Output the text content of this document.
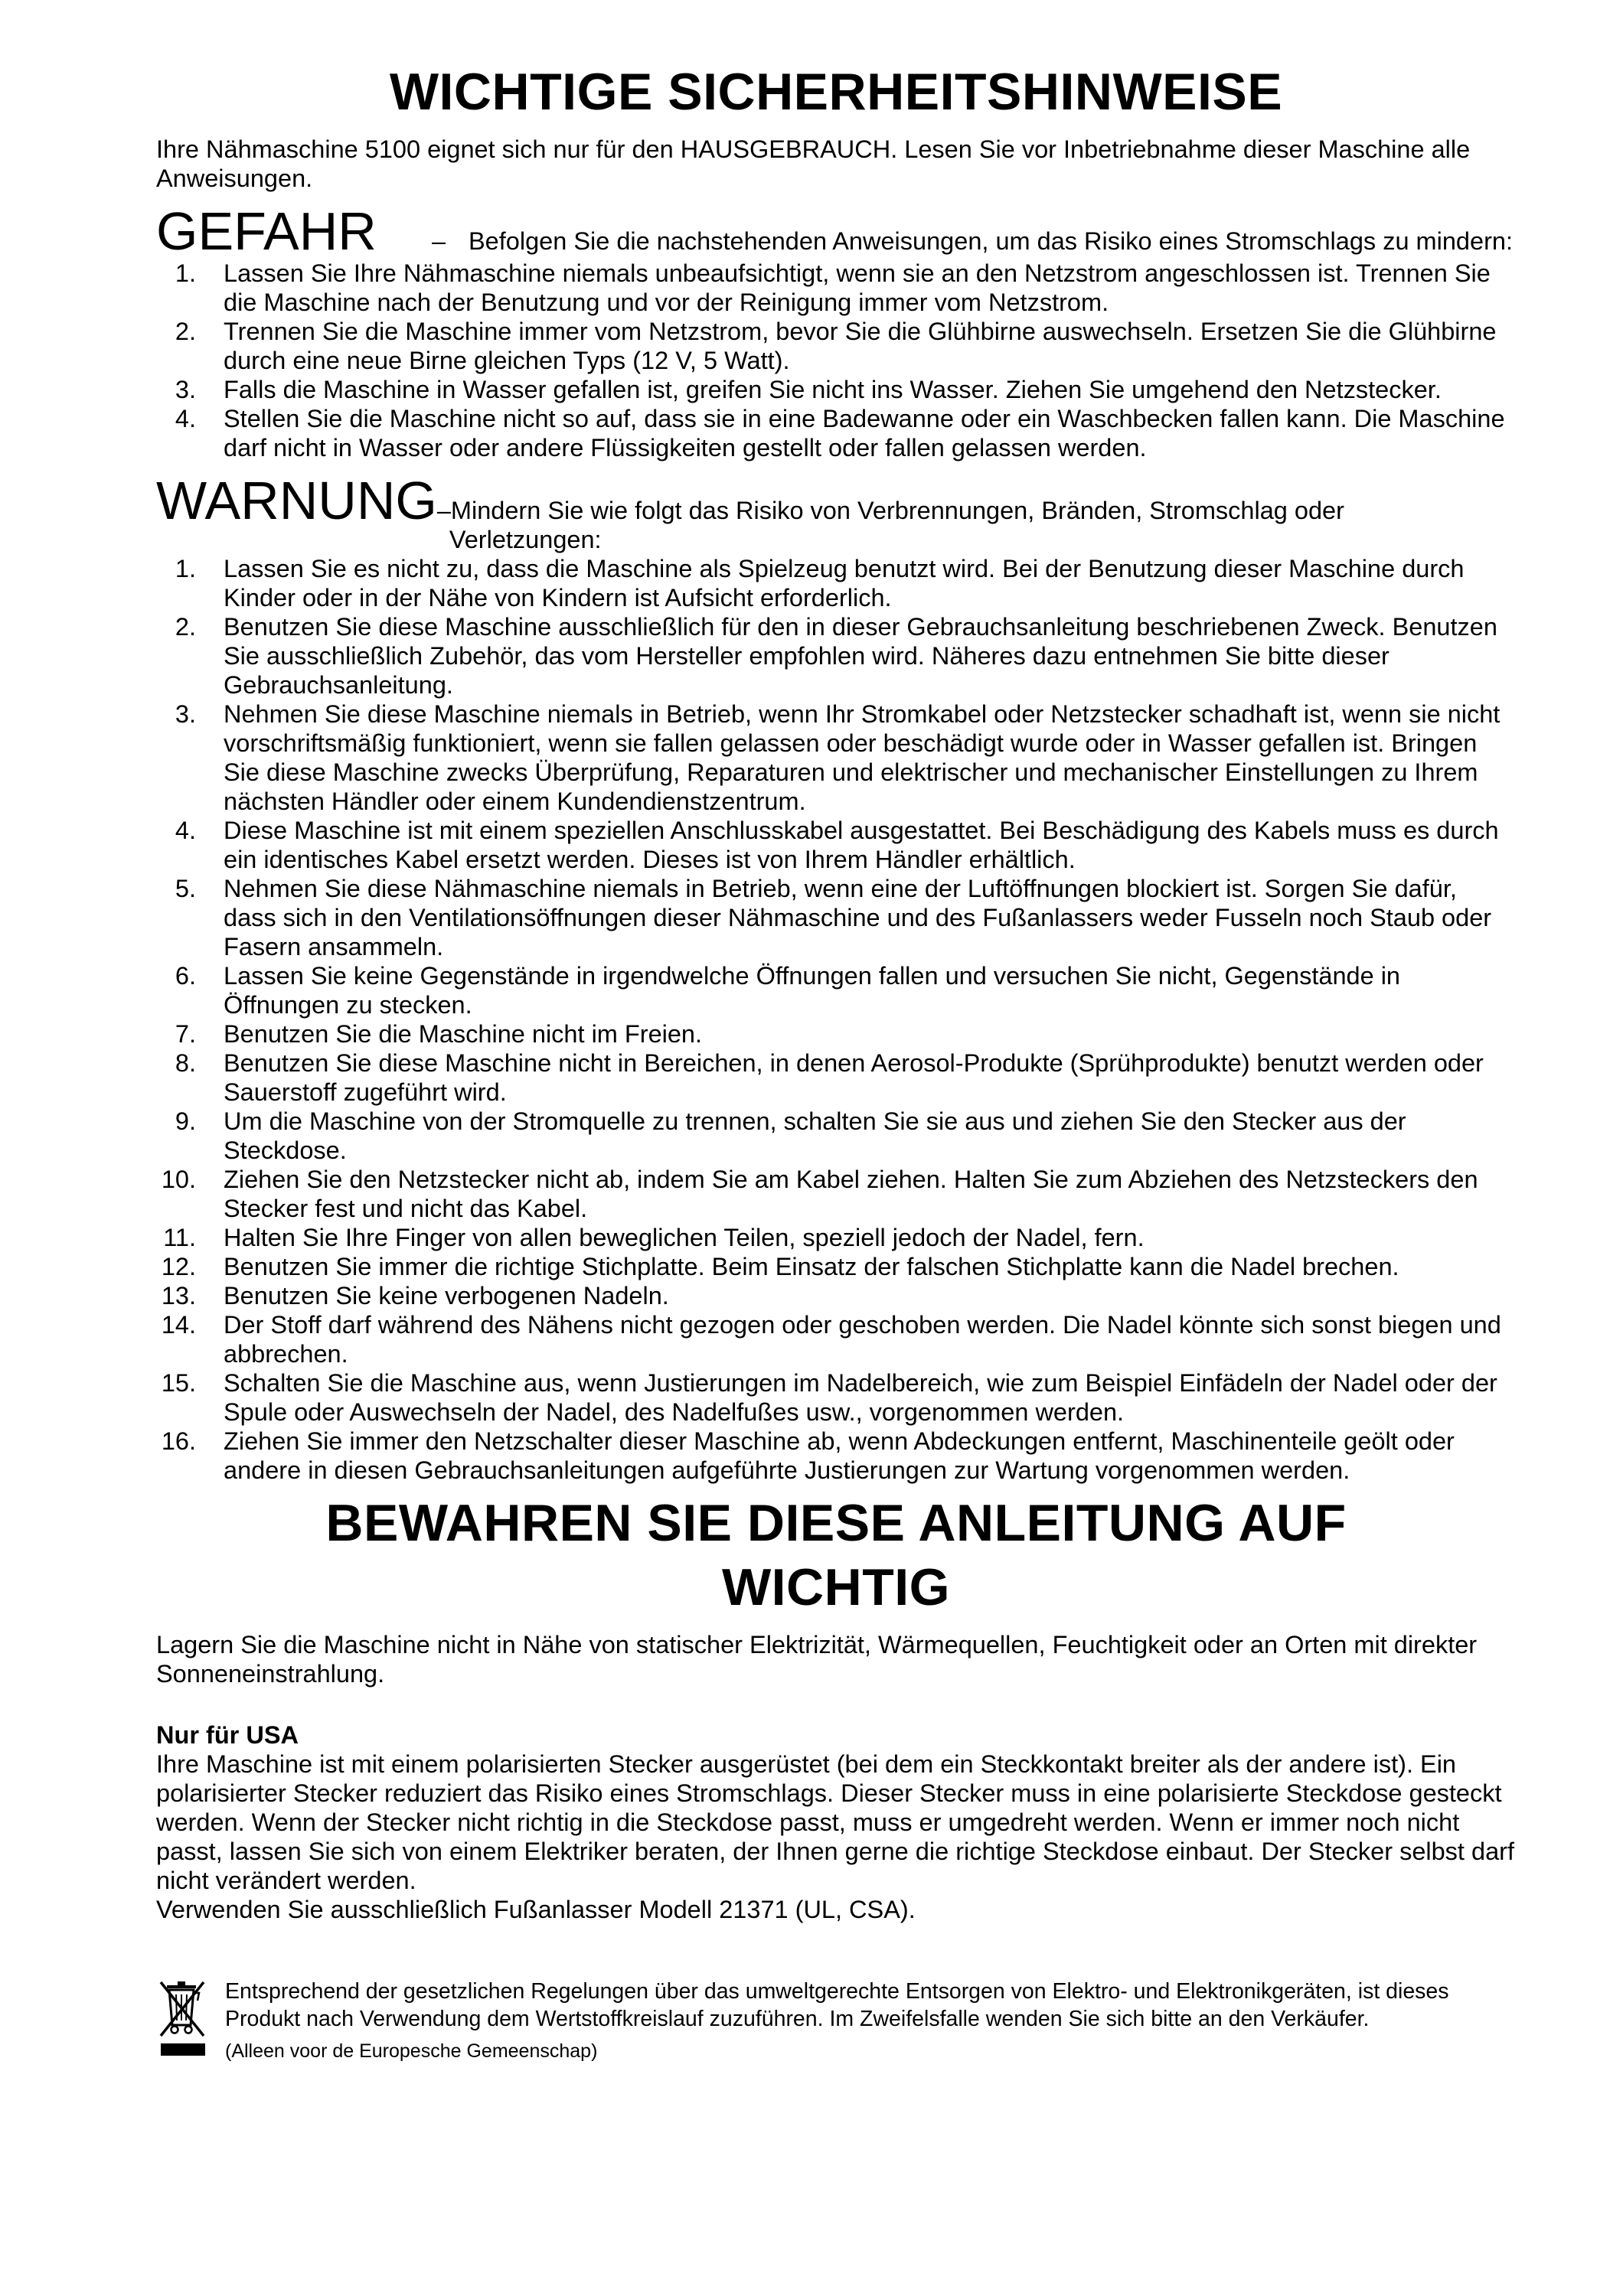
WICHTIGE SICHERHEITSHINWEISE

Ihre Nähmaschine 5100 eignet sich nur für den HAUSGEBRAUCH. Lesen Sie vor Inbetriebnahme dieser Maschine alle Anweisungen.

GEFAHR	– Befolgen Sie die nachstehenden Anweisungen, um das Risiko eines Stromschlags zu mindern:
1.	Lassen Sie Ihre Nähmaschine niemals unbeaufsichtigt, wenn sie an den Netzstrom angeschlossen ist. Trennen Sie die Maschine nach der Benutzung und vor der Reinigung immer vom Netzstrom.
2.	Trennen Sie die Maschine immer vom Netzstrom, bevor Sie die Glühbirne auswechseln. Ersetzen Sie die Glühbirne durch eine neue Birne gleichen Typs (12 V, 5 Watt).
3.	Falls die Maschine in Wasser gefallen ist, greifen Sie nicht ins Wasser. Ziehen Sie umgehend den Netzstecker.
4.	Stellen Sie die Maschine nicht so auf, dass sie in eine Badewanne oder ein Waschbecken fallen kann. Die Maschine darf nicht in Wasser oder andere Flüssigkeiten gestellt oder fallen gelassen werden.
WARNUNG –Mindern Sie wie folgt das Risiko von Verbrennungen, Bränden, Stromschlag oder
Verletzungen:
1.	Lassen Sie es nicht zu, dass die Maschine als Spielzeug benutzt wird. Bei der Benutzung dieser Maschine durch Kinder oder in der Nähe von Kindern ist Aufsicht erforderlich.
2.	Benutzen Sie diese Maschine ausschließlich für den in dieser Gebrauchsanleitung beschriebenen Zweck. Benutzen Sie ausschließlich Zubehör, das vom Hersteller empfohlen wird. Näheres dazu entnehmen Sie bitte dieser Gebrauchsanleitung.
3.	Nehmen Sie diese Maschine niemals in Betrieb, wenn Ihr Stromkabel oder Netzstecker schadhaft ist, wenn sie nicht vorschriftsmäßig funktioniert, wenn sie fallen gelassen oder beschädigt wurde oder in Wasser gefallen ist. Bringen Sie diese Maschine zwecks Überprüfung, Reparaturen und elektrischer und mechanischer Einstellungen zu Ihrem nächsten Händler oder einem Kundendienstzentrum.
4.	Diese Maschine ist mit einem speziellen Anschlusskabel ausgestattet. Bei Beschädigung des Kabels muss es durch ein identisches Kabel ersetzt werden. Dieses ist von Ihrem Händler erhältlich.
5.	Nehmen Sie diese Nähmaschine niemals in Betrieb, wenn eine der Luftöffnungen blockiert ist. Sorgen Sie dafür, dass sich in den Ventilationsöffnungen dieser Nähmaschine und des Fußanlassers weder Fusseln noch Staub oder Fasern ansammeln.
6.	Lassen Sie keine Gegenstände in irgendwelche Öffnungen fallen und versuchen Sie nicht, Gegenstände in Öffnungen zu stecken.
7.	Benutzen Sie die Maschine nicht im Freien.
8.	Benutzen Sie diese Maschine nicht in Bereichen, in denen Aerosol-Produkte (Sprühprodukte) benutzt werden oder Sauerstoff zugeführt wird.
9.	Um die Maschine von der Stromquelle zu trennen, schalten Sie sie aus und ziehen Sie den Stecker aus der Steckdose.
10.	Ziehen Sie den Netzstecker nicht ab, indem Sie am Kabel ziehen. Halten Sie zum Abziehen des Netzsteckers den Stecker fest und nicht das Kabel.
11.	Halten Sie Ihre Finger von allen beweglichen Teilen, speziell jedoch der Nadel, fern.
12.	Benutzen Sie immer die richtige Stichplatte. Beim Einsatz der falschen Stichplatte kann die Nadel brechen.
13.	Benutzen Sie keine verbogenen Nadeln.
14.	Der Stoff darf während des Nähens nicht gezogen oder geschoben werden. Die Nadel könnte sich sonst biegen und abbrechen.
15.	Schalten Sie die Maschine aus, wenn Justierungen im Nadelbereich, wie zum Beispiel Einfädeln der Nadel oder der Spule oder Auswechseln der Nadel, des Nadelfußes usw., vorgenommen werden.
16.	Ziehen Sie immer den Netzschalter dieser Maschine ab, wenn Abdeckungen entfernt, Maschinenteile geölt oder andere in diesen Gebrauchsanleitungen aufgeführte Justierungen zur Wartung vorgenommen werden.
BEWAHREN SIE DIESE ANLEITUNG AUF
WICHTIG

Lagern Sie die Maschine nicht in Nähe von statischer Elektrizität, Wärmequellen, Feuchtigkeit oder an Orten mit direkter Sonneneinstrahlung.

Nur für USA

Ihre Maschine ist mit einem polarisierten Stecker ausgerüstet (bei dem ein Steckkontakt breiter als der andere ist). Ein polarisierter Stecker reduziert das Risiko eines Stromschlags. Dieser Stecker muss in eine polarisierte Steckdose gesteckt werden. Wenn der Stecker nicht richtig in die Steckdose passt, muss er umgedreht werden. Wenn er immer noch nicht passt, lassen Sie sich von einem Elektriker beraten, der Ihnen gerne die richtige Steckdose einbaut. Der Stecker selbst darf nicht verändert werden.

Verwenden Sie ausschließlich Fußanlasser Modell 21371 (UL, CSA).

Entsprechend der gesetzlichen Regelungen über das umweltgerechte Entsorgen von Elektro- und Elektronikgeräten, ist dieses Produkt nach Verwendung dem Wertstoffkreislauf zuzuführen. Im Zweifelsfalle wenden Sie sich bitte an den Verkäufer.

(Alleen voor de Europesche Gemeenschap)
